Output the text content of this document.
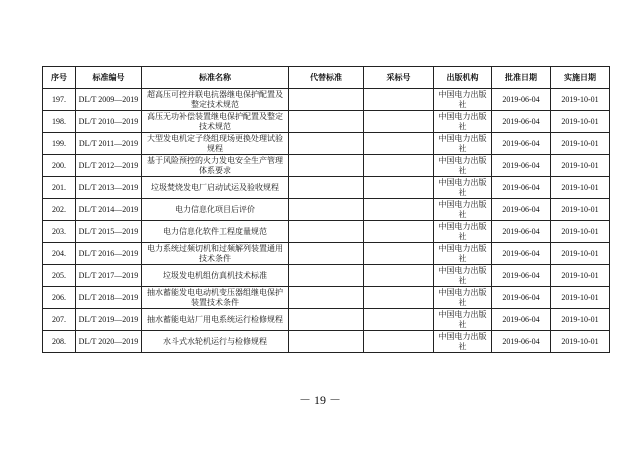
序号	标准编号	标准名称	代替标准	采标号	出版机构	批准日期	实施日期
197.	DL/T 2009—2019	超高压可控并联电抗器继电保护配置及整定技术规范			中国电力出版社	2019-06-04	2019-10-01
198.	DL/T 2010—2019	高压无功补偿装置继电保护配置及整定技术规范			中国电力出版社	2019-06-04	2019-10-01
199.	DL/T 2011—2019	大型发电机定子绕组现场更换处理试验规程			中国电力出版社	2019-06-04	2019-10-01
200.	DL/T 2012—2019	基于风险预控的火力发电安全生产管理体系要求			中国电力出版社	2019-06-04	2019-10-01
201.	DL/T 2013—2019	垃圾焚烧发电厂启动试运及验收规程			中国电力出版社	2019-06-04	2019-10-01
202.	DL/T 2014—2019	电力信息化项目后评价			中国电力出版社	2019-06-04	2019-10-01
203.	DL/T 2015—2019	电力信息化软件工程度量规范			中国电力出版社	2019-06-04	2019-10-01
204.	DL/T 2016—2019	电力系统过频切机和过频解列装置通用技术条件			中国电力出版社	2019-06-04	2019-10-01
205.	DL/T 2017—2019	垃圾发电机组仿真机技术标准			中国电力出版社	2019-06-04	2019-10-01
206.	DL/T 2018—2019	抽水蓄能发电电动机变压器组继电保护装置技术条件			中国电力出版社	2019-06-04	2019-10-01
207.	DL/T 2019—2019	抽水蓄能电站厂用电系统运行检修规程			中国电力出版社	2019-06-04	2019-10-01
208.	DL/T 2020—2019	水斗式水轮机运行与检修规程			中国电力出版社	2019-06-04	2019-10-01
－ 19 －
